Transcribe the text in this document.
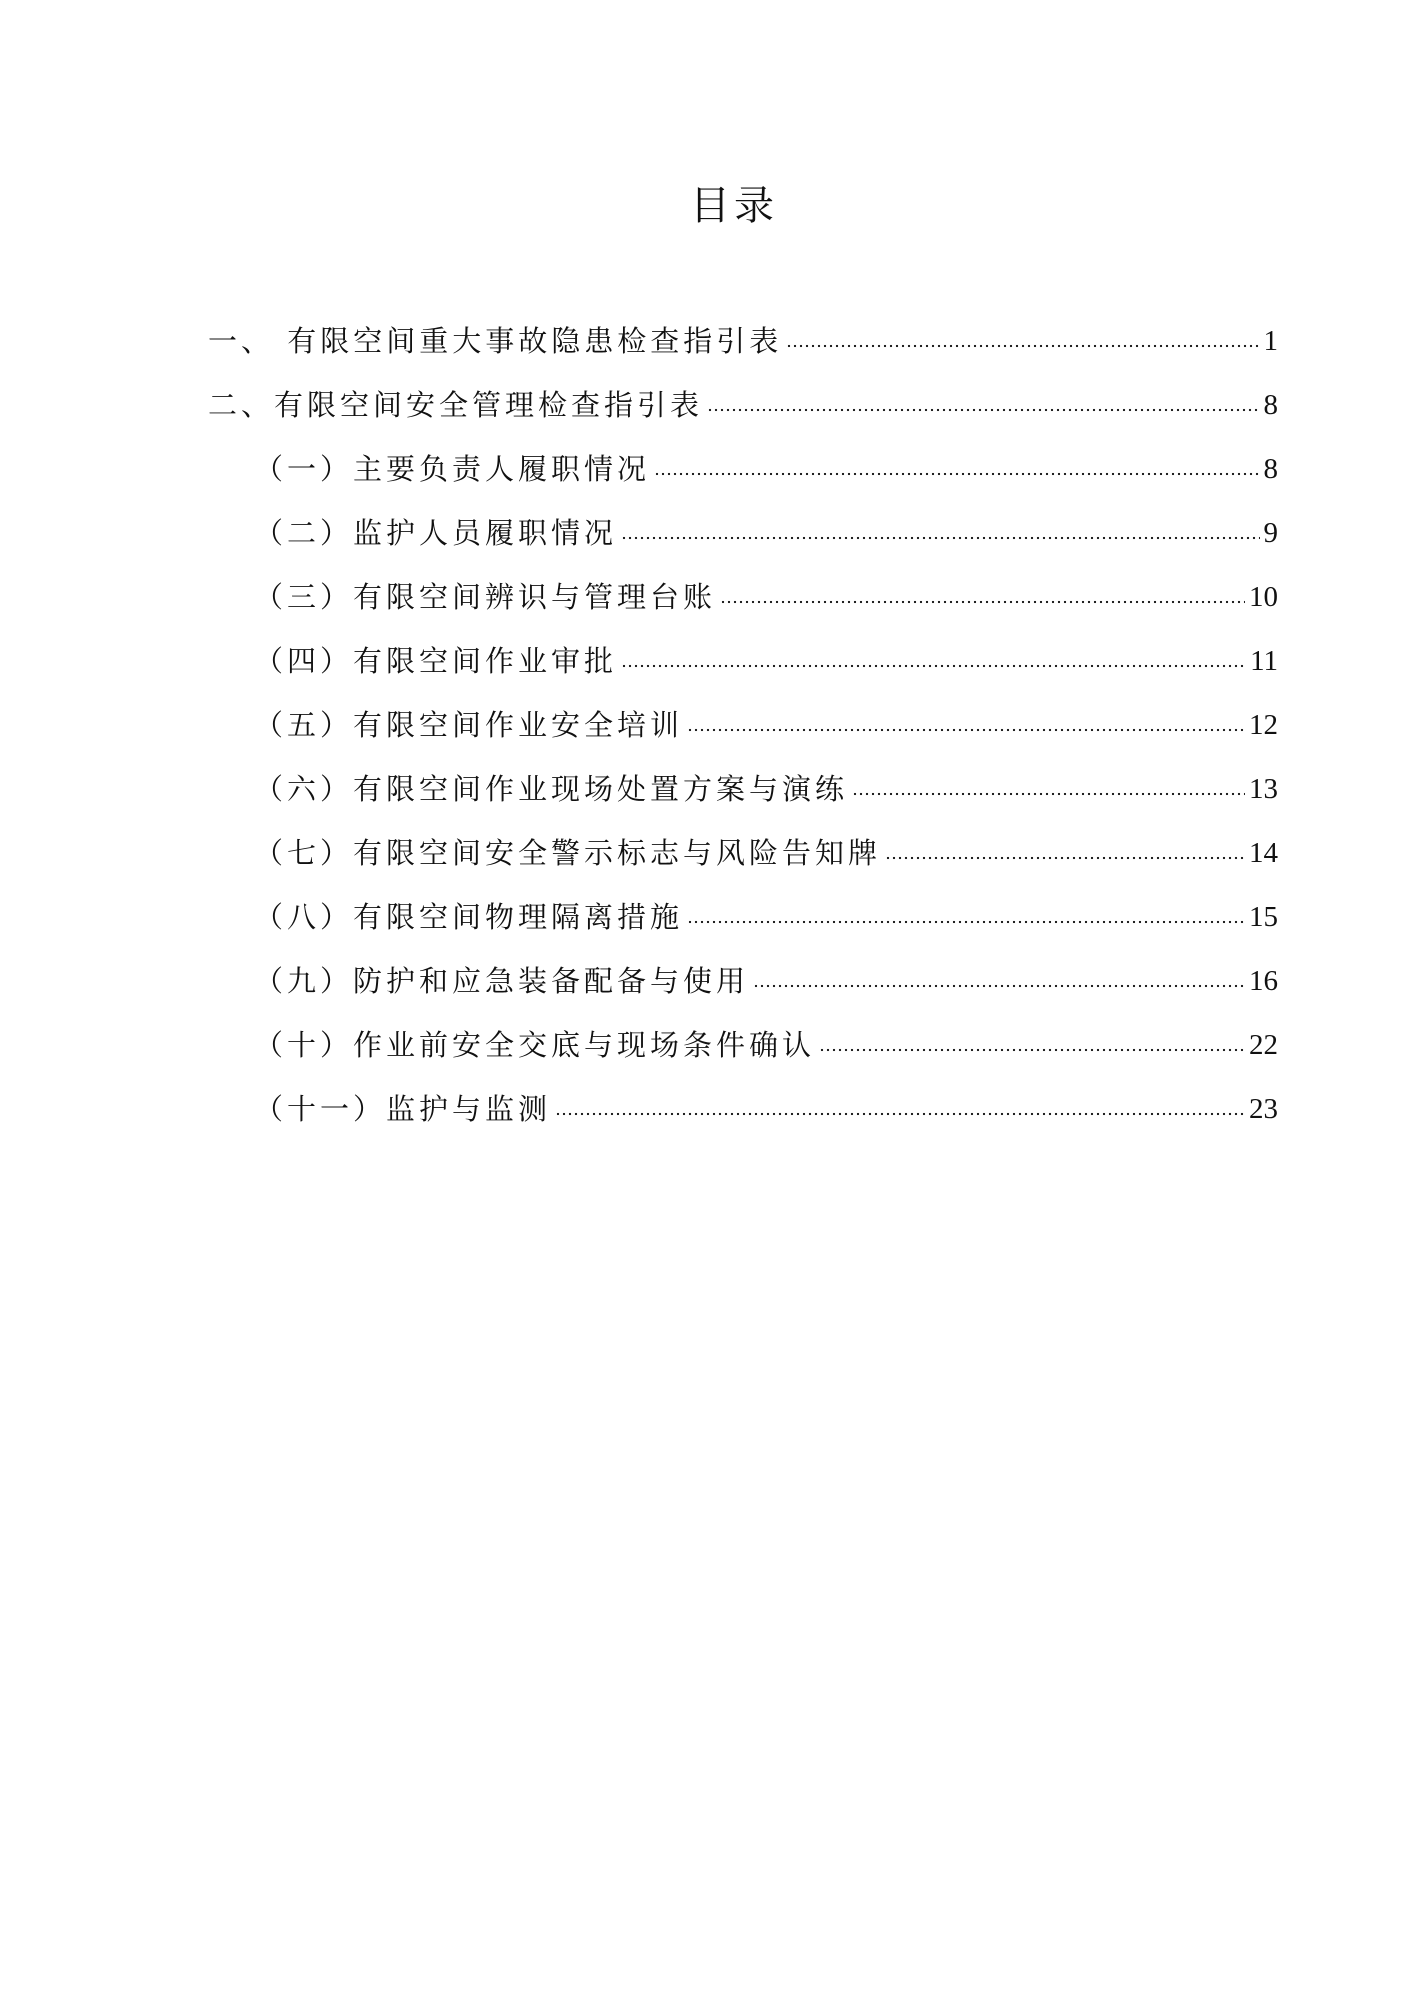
目录
一、 有限空间重大事故隐患检查指引表	1
二、有限空间安全管理检查指引表	8
（一）主要负责人履职情况	8
（二）监护人员履职情况	9
（三）有限空间辨识与管理台账	10
（四）有限空间作业审批	11
（五）有限空间作业安全培训	12
（六）有限空间作业现场处置方案与演练	13
（七）有限空间安全警示标志与风险告知牌	14
（八）有限空间物理隔离措施	15
（九）防护和应急装备配备与使用	16
（十）作业前安全交底与现场条件确认	22
（十一）监护与监测	23
